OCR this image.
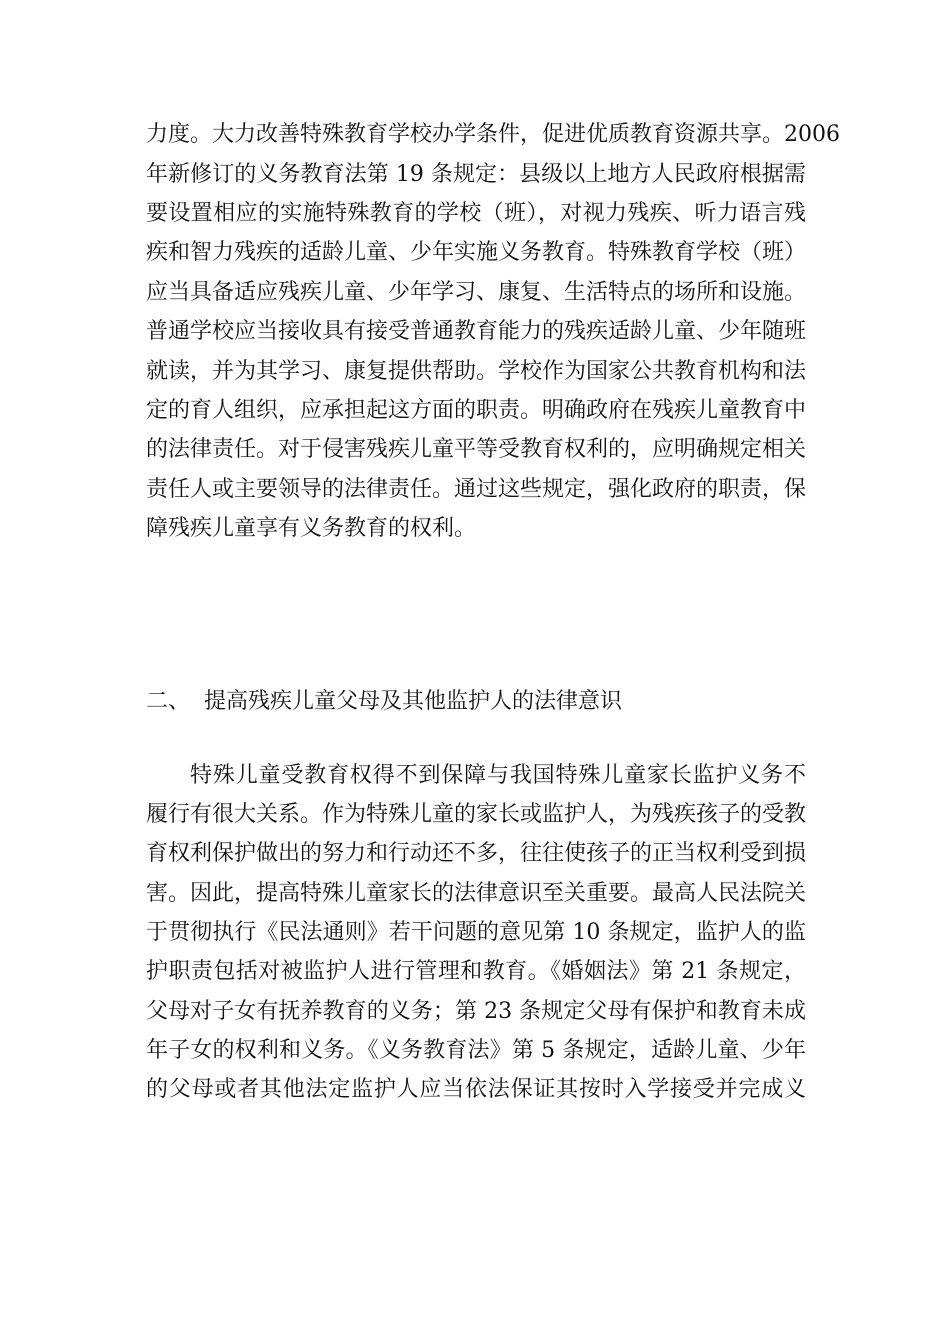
力度。大力改善特殊教育学校办学条件，促进优质教育资源共享。2006
年新修订的义务教育法第 19 条规定：县级以上地方人民政府根据需
要设置相应的实施特殊教育的学校（班），对视力残疾、听力语言残
疾和智力残疾的适龄儿童、少年实施义务教育。特殊教育学校（班）
应当具备适应残疾儿童、少年学习、康复、生活特点的场所和设施。
普通学校应当接收具有接受普通教育能力的残疾适龄儿童、少年随班
就读，并为其学习、康复提供帮助。学校作为国家公共教育机构和法
定的育人组织，应承担起这方面的职责。明确政府在残疾儿童教育中
的法律责任。对于侵害残疾儿童平等受教育权利的，应明确规定相关
责任人或主要领导的法律责任。通过这些规定，强化政府的职责，保
障残疾儿童享有义务教育的权利。
二、 提高残疾儿童父母及其他监护人的法律意识
特殊儿童受教育权得不到保障与我国特殊儿童家长监护义务不
履行有很大关系。作为特殊儿童的家长或监护人，为残疾孩子的受教
育权利保护做出的努力和行动还不多，往往使孩子的正当权利受到损
害。因此，提高特殊儿童家长的法律意识至关重要。最高人民法院关
于贯彻执行《民法通则》若干问题的意见第 10 条规定，监护人的监
护职责包括对被监护人进行管理和教育。《婚姻法》第 21 条规定，
父母对子女有抚养教育的义务；第 23 条规定父母有保护和教育未成
年子女的权利和义务。《义务教育法》第 5 条规定，适龄儿童、少年
的父母或者其他法定监护人应当依法保证其按时入学接受并完成义
